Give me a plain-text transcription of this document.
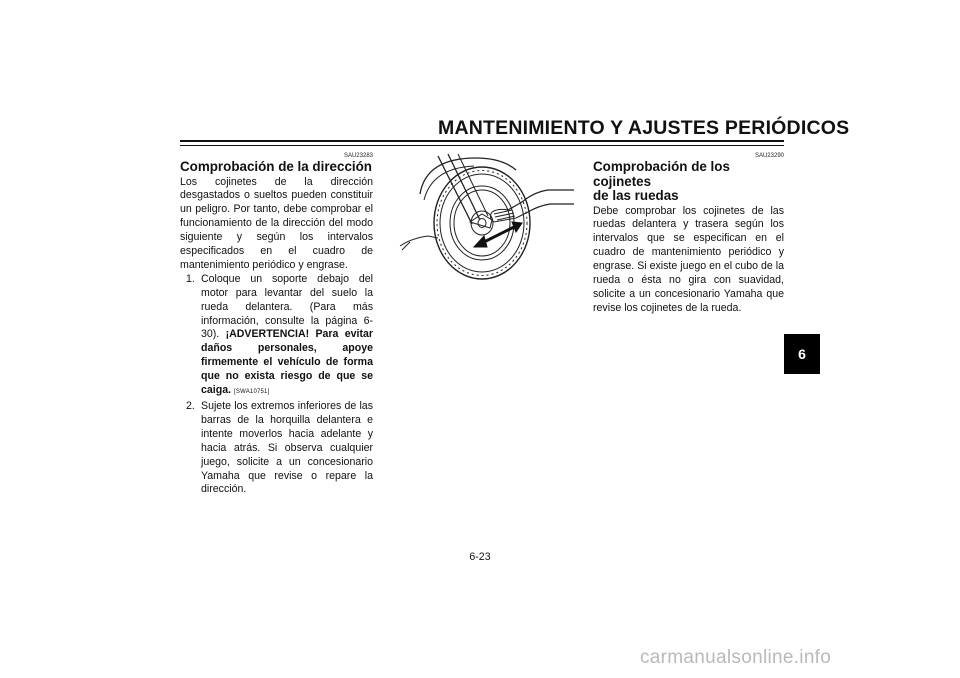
MANTENIMIENTO Y AJUSTES PERIÓDICOS
SAU23283
Comprobación de la dirección

Los cojinetes de la dirección desgastados o sueltos pueden constituir un peligro. Por tanto, debe comprobar el funcionamiento de la dirección del modo siguiente y según los intervalos especificados en el cuadro de mantenimiento periódico y engrase.

1. Coloque un soporte debajo del motor para levantar del suelo la rueda delantera. (Para más información, consulte la página 6-30). ¡ADVERTENCIA! Para evitar daños personales, apoye firmemente el vehículo de forma que no exista riesgo de que se caiga. [SWA10751]
2. Sujete los extremos inferiores de las barras de la horquilla delantera e intente moverlos hacia adelante y hacia atrás. Si observa cualquier juego, solicite a un concesionario Yamaha que revise o repare la dirección.
SAU23290
Comprobación de los cojinetes
de las ruedas

Debe comprobar los cojinetes de las ruedas delantera y trasera según los intervalos que se especifican en el cuadro de mantenimiento periódico y engrase. Si existe juego en el cubo de la rueda o ésta no gira con suavidad, solicite a un concesionario Yamaha que revise los cojinetes de la rueda.

6
6-23
carmanualsonline.info
